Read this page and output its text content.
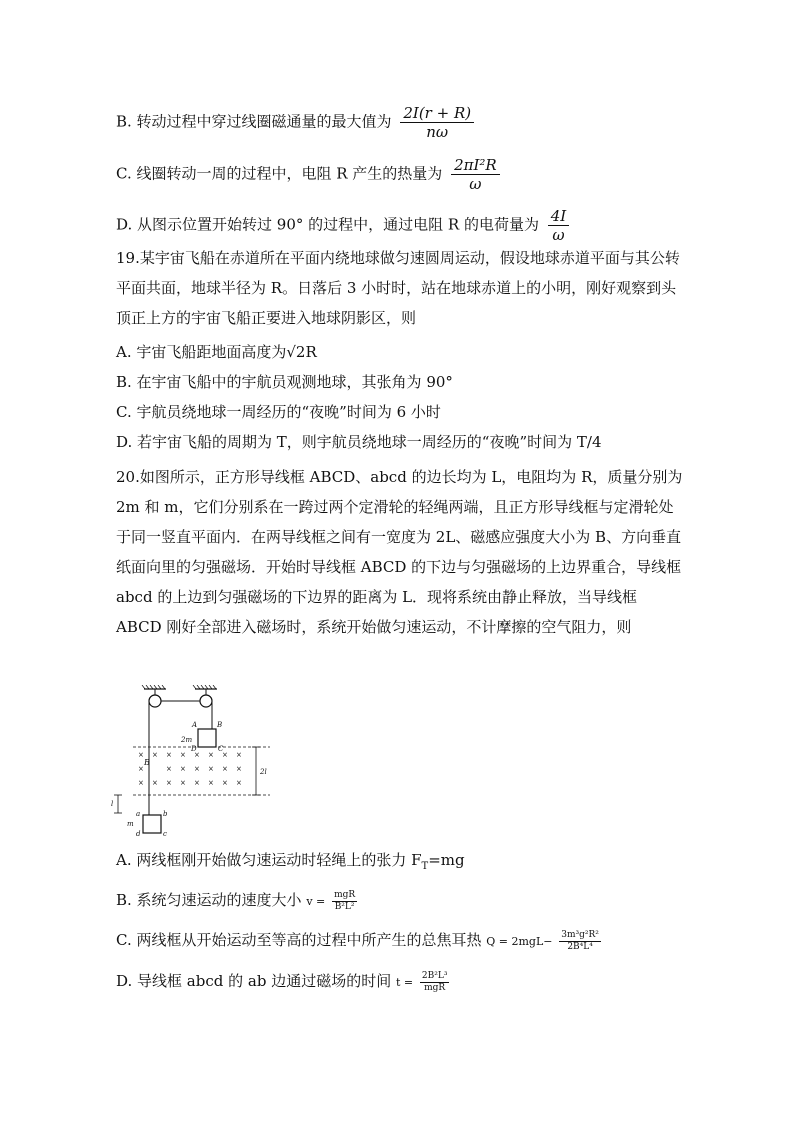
B. 转动过程中穿过线圈磁通量的最大值为 $\frac{2I(r + R)}{n\omega}$
C. 线圈转动一周的过程中，电阻 R 产生的热量为 $\frac{\text{2πI²R}}{\omega}$
D. 从图示位置开始转过 90° 的过程中，通过电阻 R 的电荷量为 $\frac{4I}{\omega}$
19.某宇宙飞船在赤道所在平面内绕地球做匀速圆周运动，假设地球赤道平面与其公转平面共面，地球半径为 R。日落后 3 小时时，站在地球赤道上的小明，刚好观察到头顶正上方的宇宙飞船正要进入地球阴影区，则
A. 宇宙飞船距地面高度为√2R
B. 在宇宙飞船中的宇航员观测地球，其张角为 90°
C. 宇航员绕地球一周经历的“夜晚”时间为 6 小时
D. 若宇宙飞船的周期为 T，则宇航员绕地球一周经历的“夜晚”时间为 T/4
20.如图所示，正方形导线框 ABCD、abcd 的边长均为 L，电阻均为 R，质量分别为 2m 和 m，它们分别系在一跨过两个定滑轮的轻绳两端，且正方形导线框与定滑轮处于同一竖直平面内．在两导线框之间有一宽度为 2L、磁感应强度大小为 B、方向垂直纸面向里的匀强磁场．开始时导线框 ABCD 的下边与匀强磁场的上边界重合，导线框 abcd 的上边到匀强磁场的下边界的距离为 L．现将系统由静止释放，当导线框 ABCD 刚好全部进入磁场时，系统开始做匀速运动，不计摩擦的空气阻力，则
A	B
C
D
2m
× × × × × × × ×
×	× × × × × ×
× × × × × × × ×
B
2l
l
a	b
c
d
m
A. 两线框刚开始做匀速运动时轻绳上的张力 $F_T=mg$
B. 系统匀速运动的速度大小 $v = \frac{\text{mgR}}{\text{B²L²}}$
C. 两线框从开始运动至等高的过程中所产生的总焦耳热 $Q = 2mgL- \frac{\text{3m³g²R²}}{\text{2B⁴L⁴}}$
D. 导线框 abcd 的 ab 边通过磁场的时间 $t = \frac{\text{2B²L³}}{\text{mgR}}$
